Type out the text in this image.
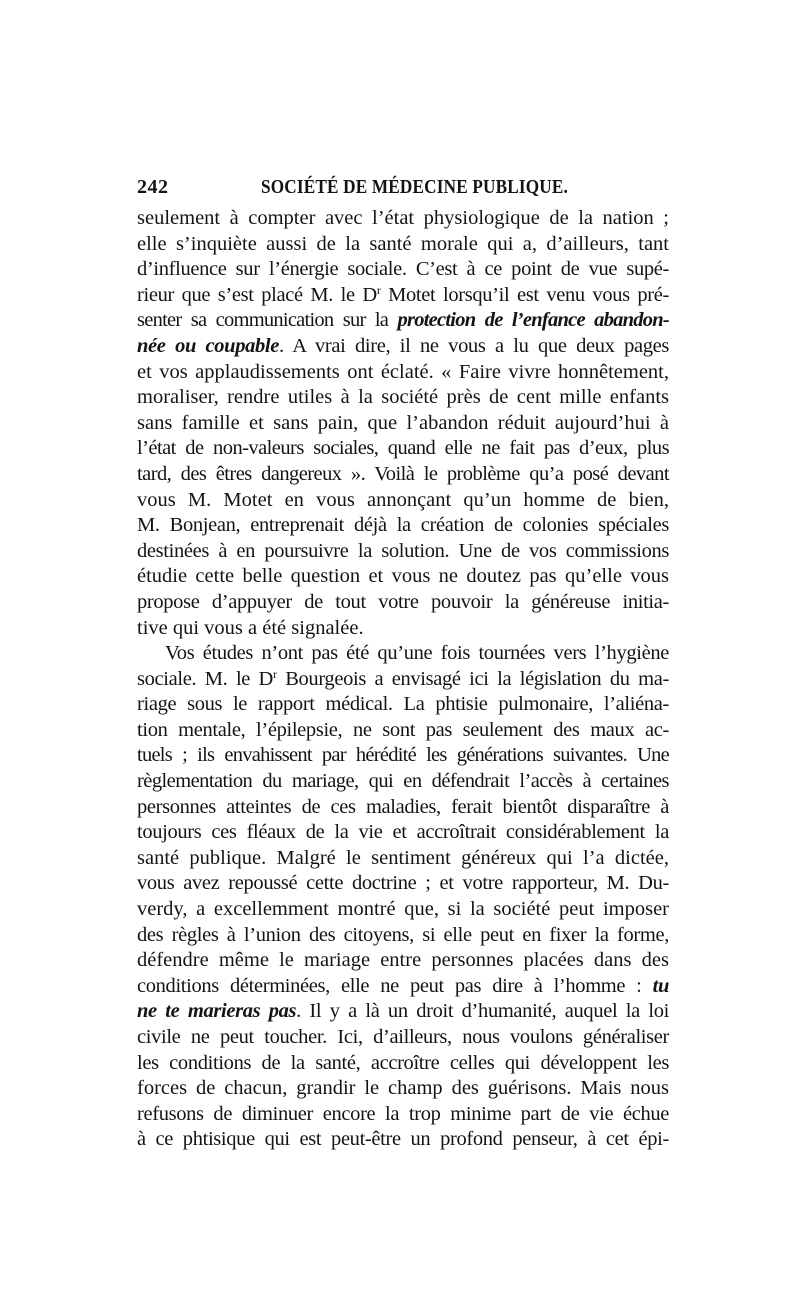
242	SOCIÉTÉ DE MÉDECINE PUBLIQUE.
seulement à compter avec l’état physiologique de la nation ;
elle s’inquiète aussi de la santé morale qui a, d’ailleurs, tant
d’influence sur l’énergie sociale. C’est à ce point de vue supé-
rieur que s’est placé M. le $D^r$ Motet lorsqu’il est venu vous pré-
senter sa communication sur la protection de l’enfance abandon-
née ou coupable. A vrai dire, il ne vous a lu que deux pages
et vos applaudissements ont éclaté. « Faire vivre honnêtement,
moraliser, rendre utiles à la société près de cent mille enfants
sans famille et sans pain, que l’abandon réduit aujourd’hui à
l’état de non-valeurs sociales, quand elle ne fait pas d’eux, plus
tard, des êtres dangereux ». Voilà le problème qu’a posé devant
vous M. Motet en vous annonçant qu’un homme de bien,
M. Bonjean, entreprenait déjà la création de colonies spéciales
destinées à en poursuivre la solution. Une de vos commissions
étudie cette belle question et vous ne doutez pas qu’elle vous
propose d’appuyer de tout votre pouvoir la généreuse initia-
tive qui vous a été signalée.
Vos études n’ont pas été qu’une fois tournées vers l’hygiène
sociale. M. le $D^r$ Bourgeois a envisagé ici la législation du ma-
riage sous le rapport médical. La phtisie pulmonaire, l’aliéna-
tion mentale, l’épilepsie, ne sont pas seulement des maux ac-
tuels ; ils envahissent par hérédité les générations suivantes. Une
règlementation du mariage, qui en défendrait l’accès à certaines
personnes atteintes de ces maladies, ferait bientôt disparaître à
toujours ces fléaux de la vie et accroîtrait considérablement la
santé publique. Malgré le sentiment généreux qui l’a dictée,
vous avez repoussé cette doctrine ; et votre rapporteur, M. Du-
verdy, a excellemment montré que, si la société peut imposer
des règles à l’union des citoyens, si elle peut en fixer la forme,
défendre même le mariage entre personnes placées dans des
conditions déterminées, elle ne peut pas dire à l’homme : tu
ne te marieras pas. Il y a là un droit d’humanité, auquel la loi
civile ne peut toucher. Ici, d’ailleurs, nous voulons généraliser
les conditions de la santé, accroître celles qui développent les
forces de chacun, grandir le champ des guérisons. Mais nous
refusons de diminuer encore la trop minime part de vie échue
à ce phtisique qui est peut-être un profond penseur, à cet épi-
